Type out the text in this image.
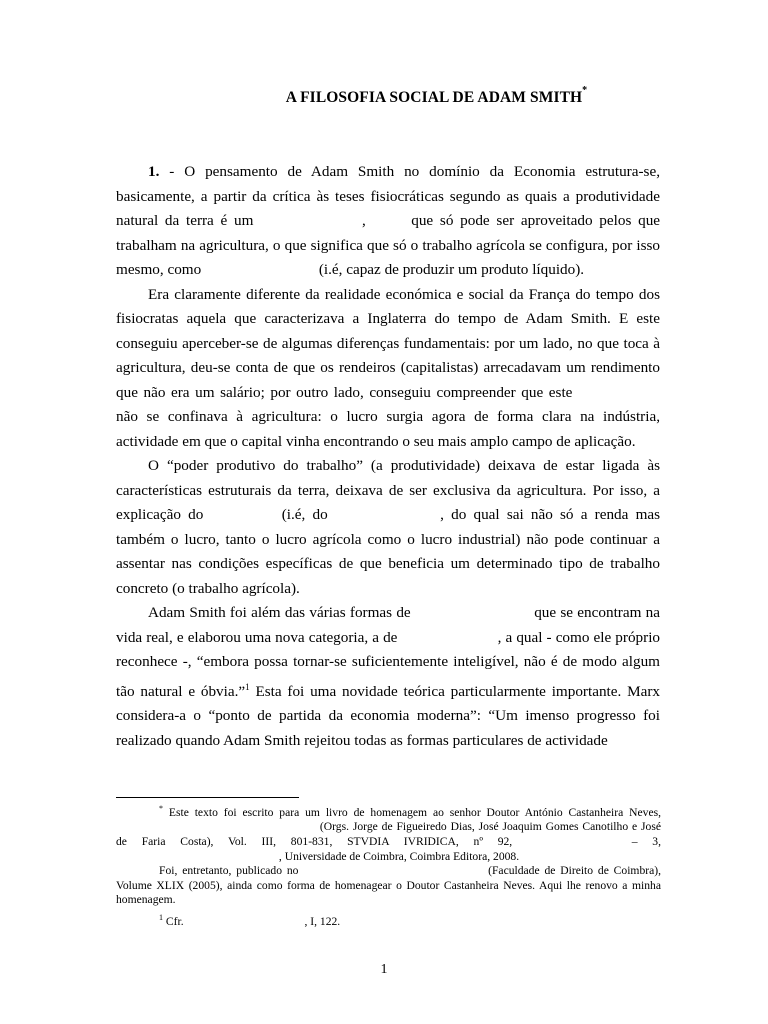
A FILOSOFIA SOCIAL DE ADAM SMITH*

1. - O pensamento de Adam Smith no domínio da Economia estrutura-se, basicamente, a partir da crítica às teses fisiocráticas segundo as quais a produtividade natural da terra é um	,	que só pode ser aproveitado pelos que trabalham na agricultura, o que significa que só o trabalho agrícola se configura, por isso mesmo, como	(i.é, capaz de produzir um produto líquido).

Era claramente diferente da realidade económica e social da França do tempo dos fisiocratas aquela que caracterizava a Inglaterra do tempo de Adam Smith. E este conseguiu aperceber-se de algumas diferenças fundamentais: por um lado, no que toca à agricultura, deu-se conta de que os rendeiros (capitalistas) arrecadavam um rendimento que não era um salário; por outro lado, conseguiu compreender que este  não se confinava à agricultura: o lucro surgia agora de forma clara na indústria, actividade em que o capital vinha encontrando o seu mais amplo campo de aplicação.

O “poder produtivo do trabalho” (a produtividade) deixava de estar ligada às características estruturais da terra, deixava de ser exclusiva da agricultura. Por isso, a explicação do	(i.é, do	, do qual sai não só a renda mas também o lucro, tanto o lucro agrícola como o lucro industrial) não pode continuar a assentar nas condições específicas de que beneficia um determinado tipo de trabalho concreto (o trabalho agrícola).

Adam Smith foi além das várias formas de	que se encontram na vida real, e elaborou uma nova categoria, a de	, a qual - como ele próprio reconhece -, “embora possa tornar-se suficientemente inteligível, não é de modo algum tão natural e óbvia.”$^1$ Esta foi uma novidade teórica particularmente importante. Marx considera-a o “ponto de partida da economia moderna”: “Um imenso progresso foi realizado quando Adam Smith rejeitou todas as formas particulares de actividade

* Este texto foi escrito para um livro de homenagem ao senhor Doutor António Castanheira Neves,  (Orgs. Jorge de Figueiredo Dias, José Joaquim Gomes Canotilho e José de Faria Costa), Vol. III, 801-831, STVDIA IVRIDICA, nº 92,	– 3,  , Universidade de Coimbra, Coimbra Editora, 2008.

Foi, entretanto, publicado no	(Faculdade de Direito de Coimbra), Volume XLIX (2005), ainda como forma de homenagear o Doutor Castanheira Neves. Aqui lhe renovo a minha homenagem.

$^1$ Cfr.	, I, 122.

1
